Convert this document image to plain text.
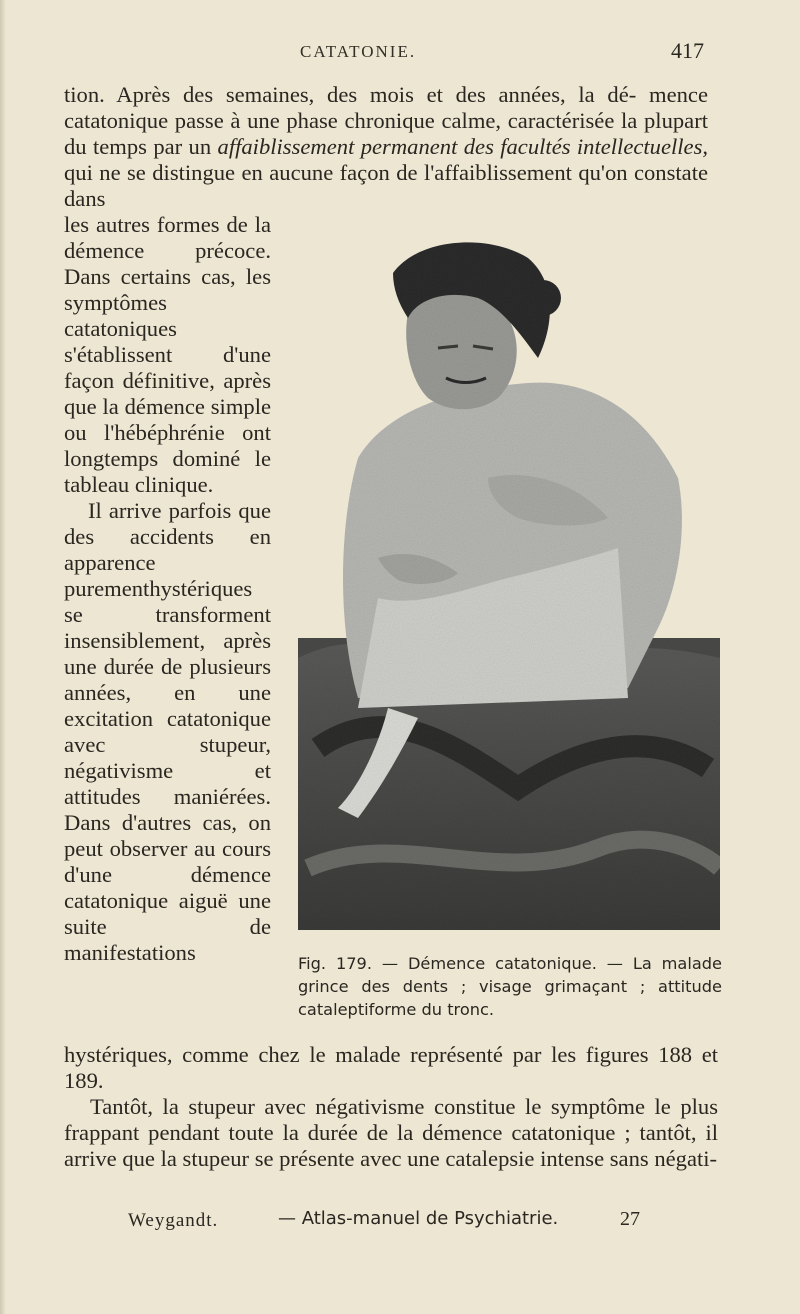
CATATONIE.	417
tion. Après des semaines, des mois et des années, la dé- mence catatonique passe à une phase chronique calme, caractérisée la plupart du temps par un affaiblissement permanent des facultés intellectuelles, qui ne se distingue en aucune façon de l'affaiblissement qu'on constate dans

les autres formes de la démence précoce. Dans certains cas, les symptômes catatoniques s'établissent d'une façon définitive, après que la démence simple ou l'hébéphrénie ont longtemps dominé le tableau clinique.

Il arrive parfois que des accidents en apparence purementhystériques se transforment insensiblement, après une durée de plusieurs années, en une excitation catatonique avec stupeur, négativisme et attitudes maniérées. Dans d'autres cas, on peut observer au cours d'une démence catatonique aiguë une suite de manifestations	Fig. 179. — Démence catatonique. — La malade grince des dents ; visage grimaçant ; attitude cataleptiforme du tronc.

hystériques, comme chez le malade représenté par les figures 188 et 189.

Tantôt, la stupeur avec négativisme constitue le symptôme le plus frappant pendant toute la durée de la démence catatonique ; tantôt, il arrive que la stupeur se présente avec une catalepsie intense sans négati-

Weygandt.	— Atlas-manuel de Psychiatrie.	27
